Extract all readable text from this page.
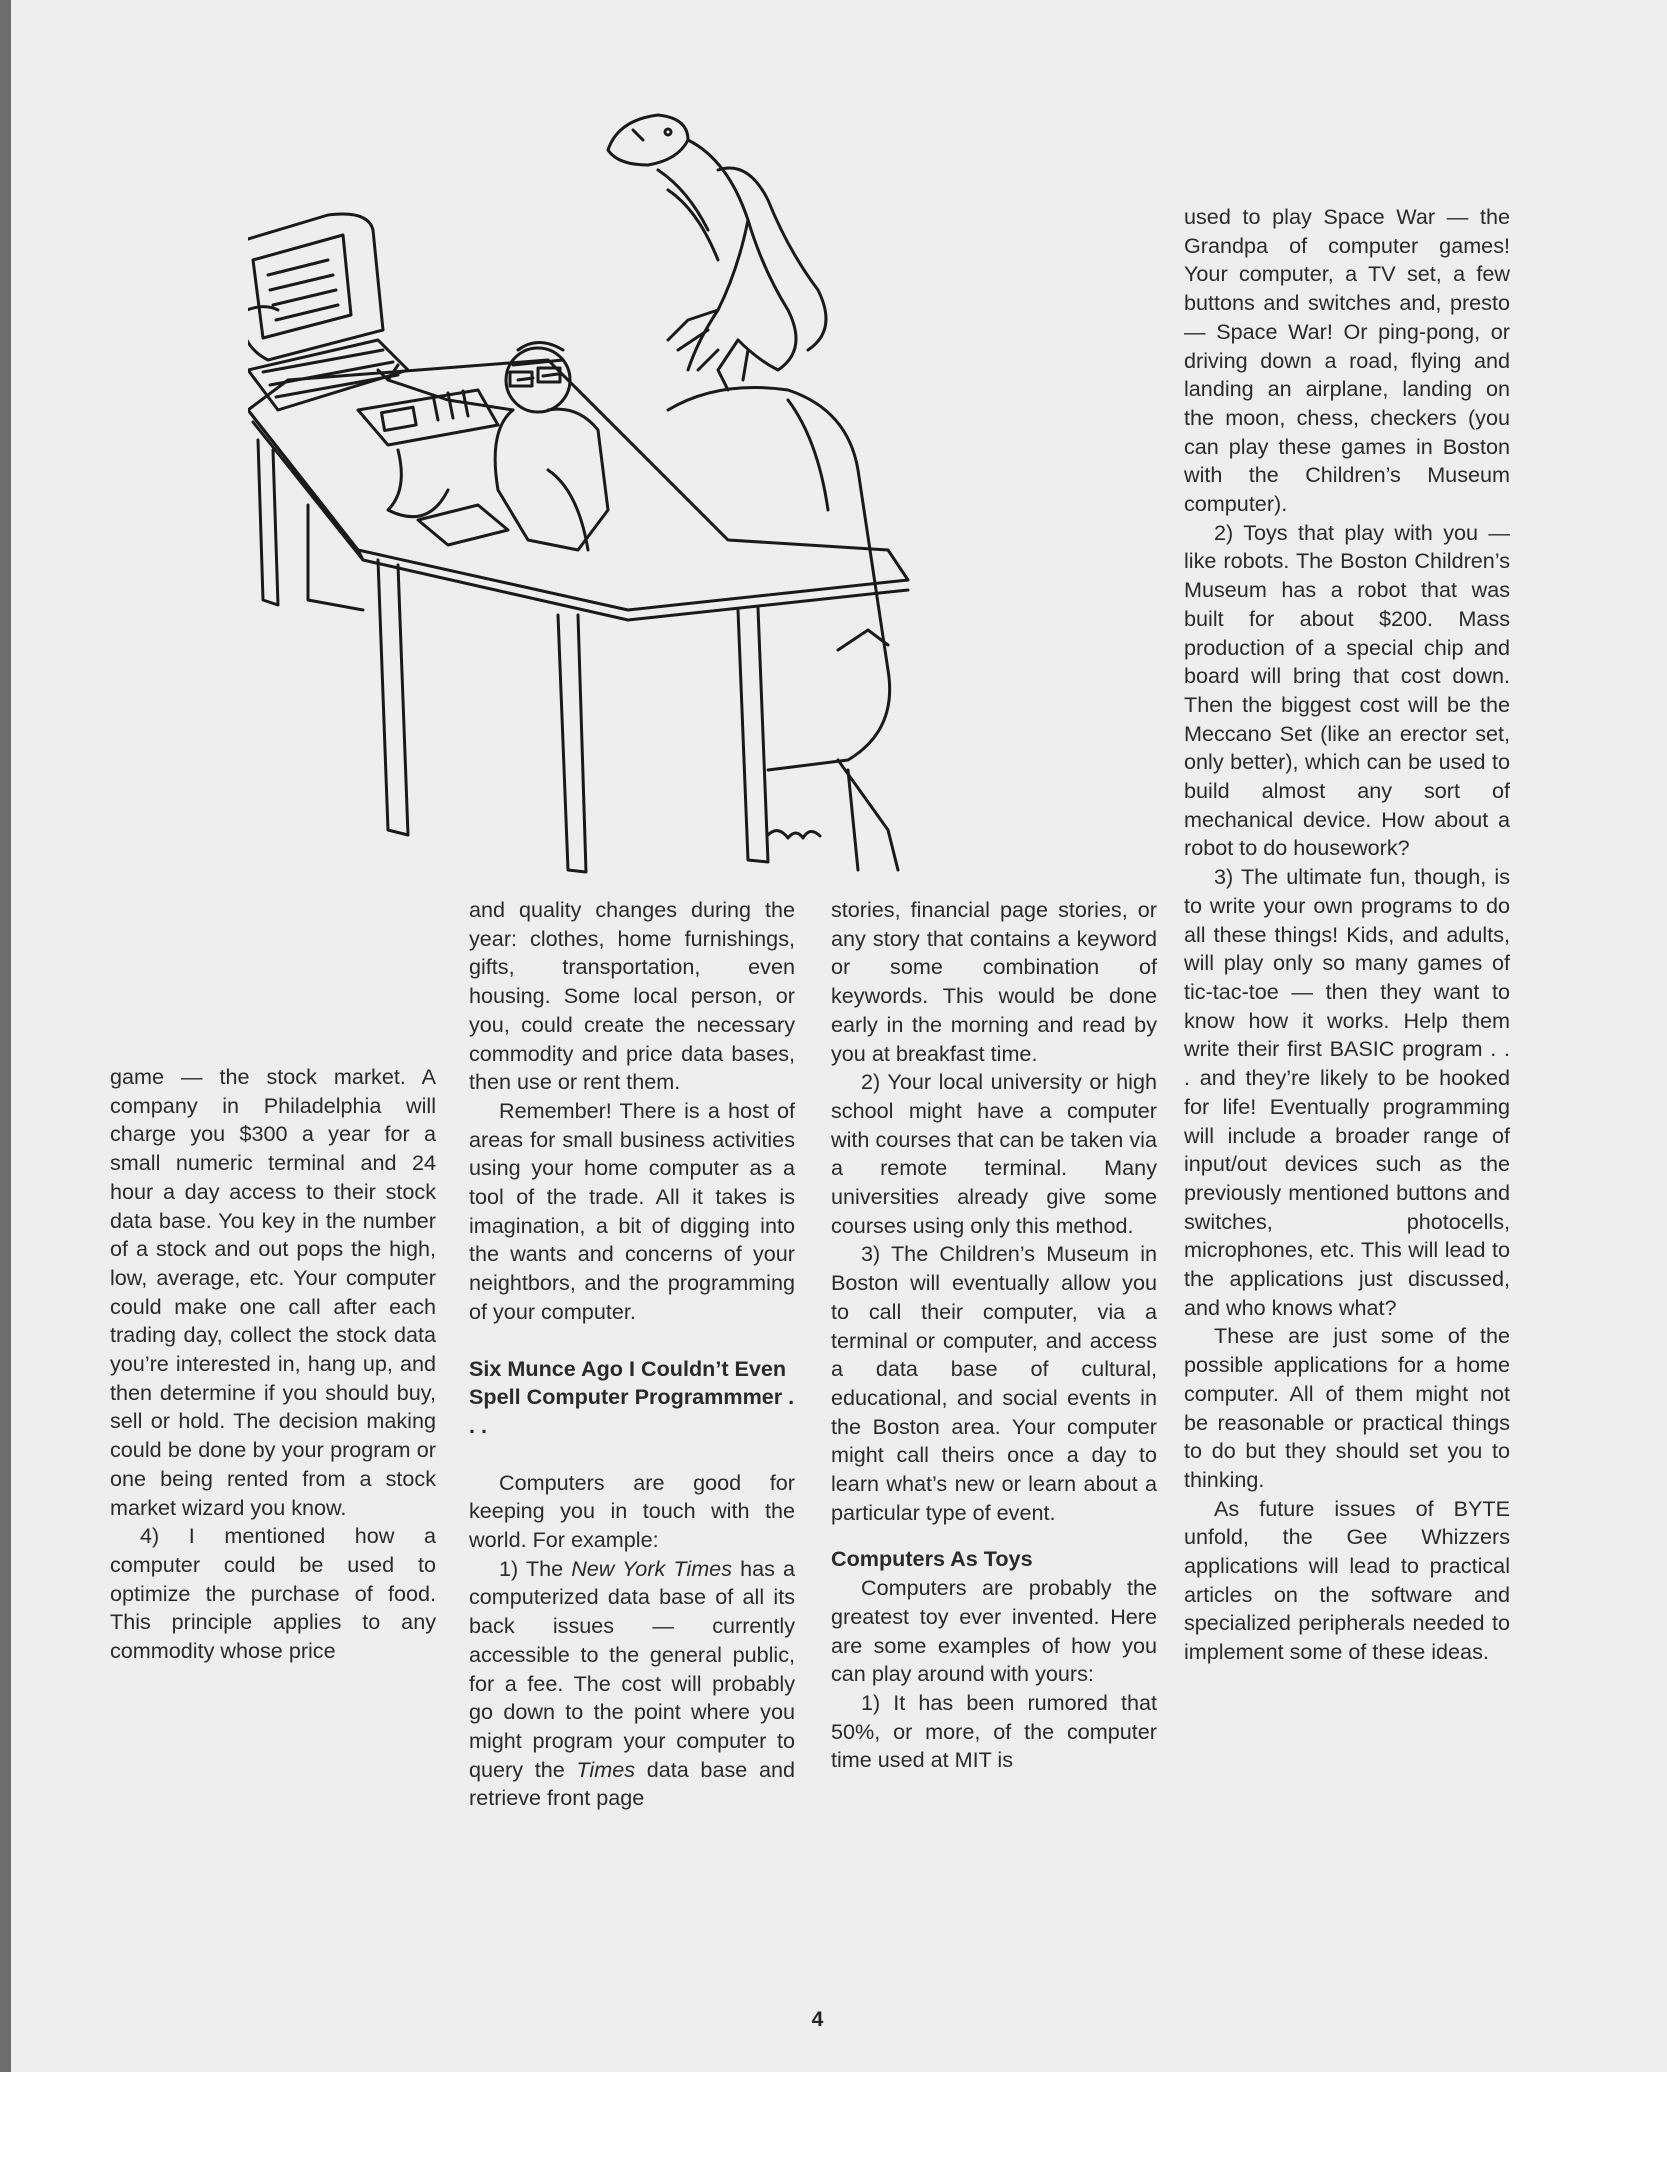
game — the stock market. A company in Philadelphia will charge you $300 a year for a small numeric terminal and 24 hour a day access to their stock data base. You key in the number of a stock and out pops the high, low, average, etc. Your computer could make one call after each trading day, collect the stock data you’re interested in, hang up, and then determine if you should buy, sell or hold. The decision making could be done by your program or one being rented from a stock market wizard you know.

4) I mentioned how a computer could be used to optimize the purchase of food. This principle applies to any commodity whose price

and quality changes during the year: clothes, home furnishings, gifts, transportation, even housing. Some local person, or you, could create the necessary commodity and price data bases, then use or rent them.

Remember! There is a host of areas for small business activities using your home computer as a tool of the trade. All it takes is imagination, a bit of digging into the wants and concerns of your neightbors, and the programming of your computer.

Six Munce Ago I Couldn’t Even Spell Computer Programmmer . . .

Computers are good for keeping you in touch with the world. For example:

1) The New York Times has a computerized data base of all its back issues — currently accessible to the general public, for a fee. The cost will probably go down to the point where you might program your computer to query the Times data base and retrieve front page

stories, financial page stories, or any story that contains a keyword or some combination of keywords. This would be done early in the morning and read by you at breakfast time.

2) Your local university or high school might have a computer with courses that can be taken via a remote terminal. Many universities already give some courses using only this method.

3) The Children’s Museum in Boston will eventually allow you to call their computer, via a terminal or computer, and access a data base of cultural, educational, and social events in the Boston area. Your computer might call theirs once a day to learn what’s new or learn about a particular type of event.

Computers As Toys

Computers are probably the greatest toy ever invented. Here are some examples of how you can play around with yours:

1) It has been rumored that 50%, or more, of the computer time used at MIT is

used to play Space War — the Grandpa of computer games! Your computer, a TV set, a few buttons and switches and, presto — Space War! Or ping-pong, or driving down a road, flying and landing an airplane, landing on the moon, chess, checkers (you can play these games in Boston with the Children’s Museum computer).

2) Toys that play with you — like robots. The Boston Children’s Museum has a robot that was built for about $200. Mass production of a special chip and board will bring that cost down. Then the biggest cost will be the Meccano Set (like an erector set, only better), which can be used to build almost any sort of mechanical device. How about a robot to do housework?

3) The ultimate fun, though, is to write your own programs to do all these things! Kids, and adults, will play only so many games of tic-tac-toe — then they want to know how it works. Help them write their first BASIC program . . . and they’re likely to be hooked for life! Eventually programming will include a broader range of input/out devices such as the previously mentioned buttons and switches, photocells, microphones, etc. This will lead to the applications just discussed, and who knows what?

These are just some of the possible applications for a home computer. All of them might not be reasonable or practical things to do but they should set you to thinking.

As future issues of BYTE unfold, the Gee Whizzers applications will lead to practical articles on the software and specialized peripherals needed to implement some of these ideas.

4
